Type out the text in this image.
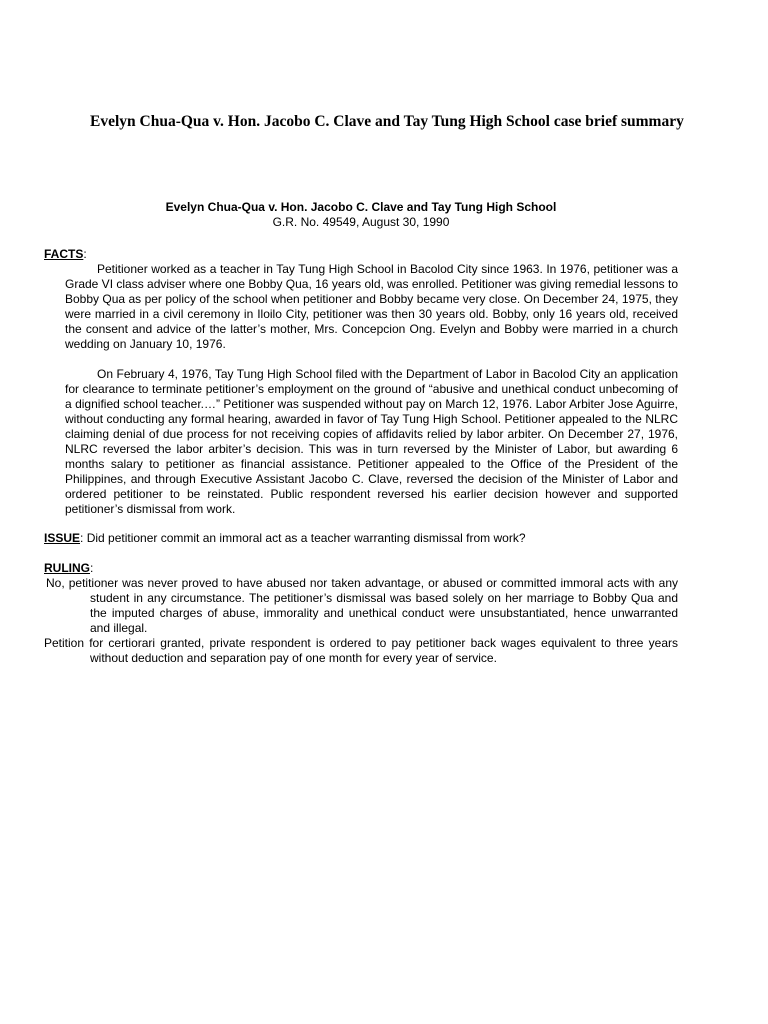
Evelyn Chua-Qua v. Hon. Jacobo C. Clave and Tay Tung High School case brief summary
Evelyn Chua-Qua v. Hon. Jacobo C. Clave and Tay Tung High School
G.R. No. 49549, August 30, 1990
FACTS:

Petitioner worked as a teacher in Tay Tung High School in Bacolod City since 1963. In 1976, petitioner was a Grade VI class adviser where one Bobby Qua, 16 years old, was enrolled. Petitioner was giving remedial lessons to Bobby Qua as per policy of the school when petitioner and Bobby became very close. On December 24, 1975, they were married in a civil ceremony in Iloilo City, petitioner was then 30 years old. Bobby, only 16 years old, received the consent and advice of the latter’s mother, Mrs. Concepcion Ong. Evelyn and Bobby were married in a church wedding on January 10, 1976.

On February 4, 1976, Tay Tung High School filed with the Department of Labor in Bacolod City an application for clearance to terminate petitioner’s employment on the ground of “abusive and unethical conduct unbecoming of a dignified school teacher.…” Petitioner was suspended without pay on March 12, 1976. Labor Arbiter Jose Aguirre, without conducting any formal hearing, awarded in favor of Tay Tung High School. Petitioner appealed to the NLRC claiming denial of due process for not receiving copies of affidavits relied by labor arbiter. On December 27, 1976, NLRC reversed the labor arbiter’s decision. This was in turn reversed by the Minister of Labor, but awarding 6 months salary to petitioner as financial assistance. Petitioner appealed to the Office of the President of the Philippines, and through Executive Assistant Jacobo C. Clave, reversed the decision of the Minister of Labor and ordered petitioner to be reinstated. Public respondent reversed his earlier decision however and supported petitioner’s dismissal from work.

ISSUE: Did petitioner commit an immoral act as a teacher warranting dismissal from work?
RULING:

No, petitioner was never proved to have abused nor taken advantage, or abused or committed immoral acts with any student in any circumstance. The petitioner’s dismissal was based solely on her marriage to Bobby Qua and the imputed charges of abuse, immorality and unethical conduct were unsubstantiated, hence unwarranted and illegal.

Petition for certiorari granted, private respondent is ordered to pay petitioner back wages equivalent to three years without deduction and separation pay of one month for every year of service.
